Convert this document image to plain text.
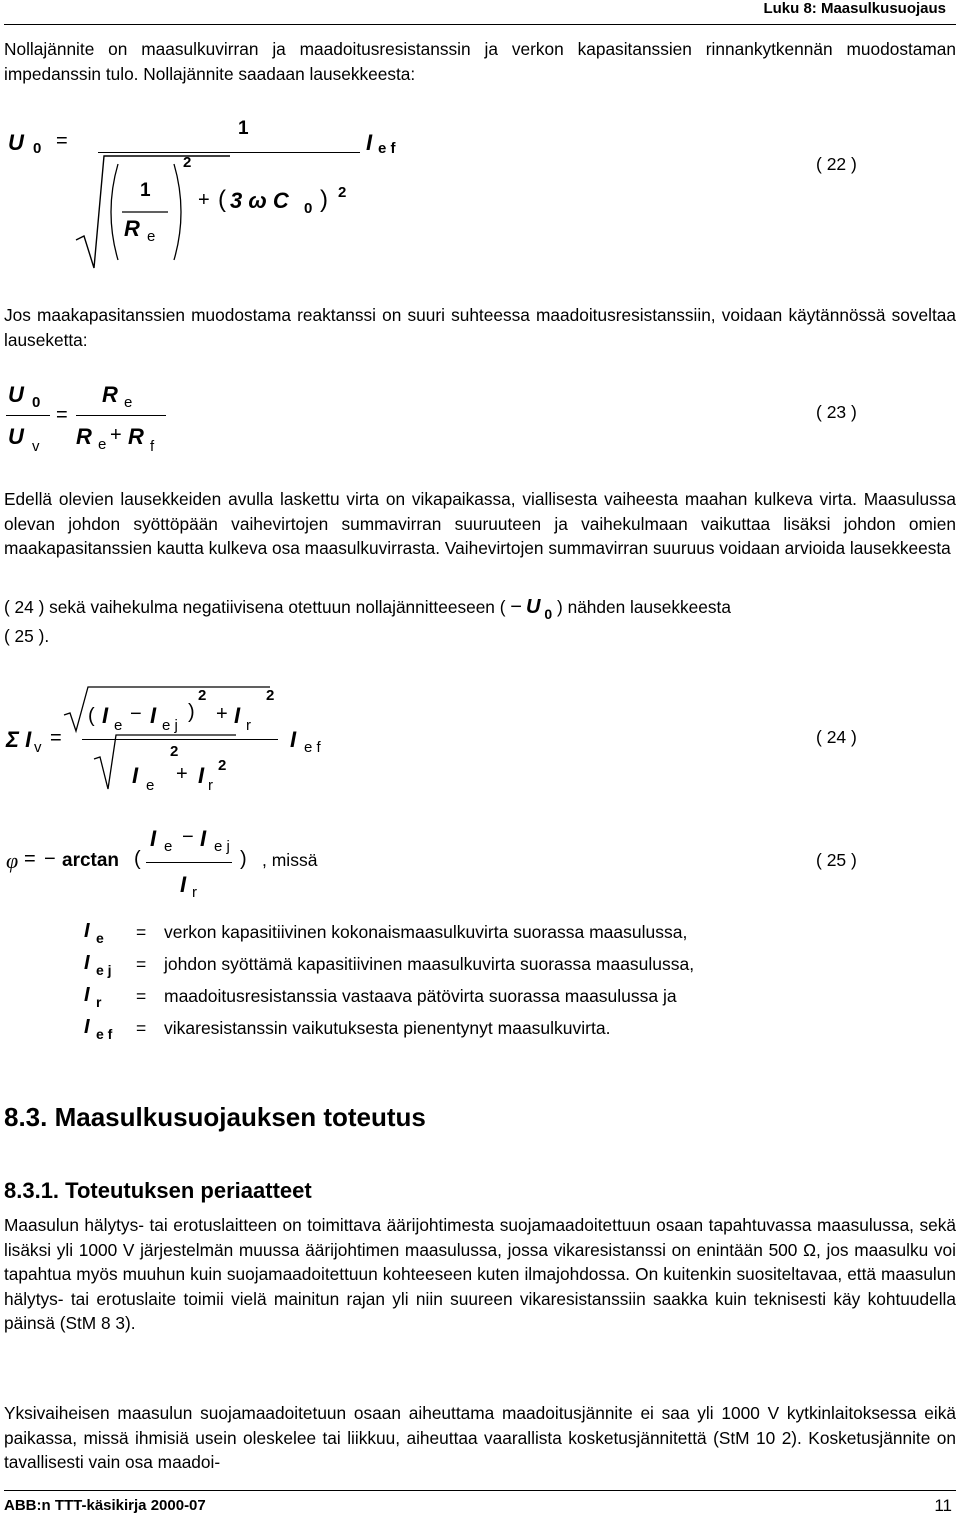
Luku 8: Maasulkusuojaus
Nollajännite on maasulkuvirran ja maadoitusresistanssin ja verkon kapasitanssien rinnankytkennän muodostaman impedanssin tulo. Nollajännite saadaan lausekkeesta:
U 0 =
1
I e f
2
1
R e
+ ( 3 ω C 0 ) 2
( 22 )
Jos maakapasitanssien muodostama reaktanssi on suuri suhteessa maadoitusresistanssiin, voidaan käytännössä soveltaa lauseketta:
U 0
U v
=
R e
R e + R f
( 23 )
Edellä olevien lausekkeiden avulla laskettu virta on vikapaikassa, viallisesta vaiheesta maahan kulkeva virta. Maasulussa olevan johdon syöttöpään vaihevirtojen summavirran suuruuteen ja vaihekulmaan vaikuttaa lisäksi johdon omien maakapasitanssien kautta kulkeva osa maasulkuvirrasta. Vaihevirtojen summavirran suuruus voidaan arvioida lausekkeesta
( 24 ) sekä vaihekulma negatiivisena otettuun nollajännitteeseen ( − U $_0$ ) nähden lausekkeesta
( 25 ).
( I e
− I e j
)
2
+ I r
2
Σ I v =	I e f
2
I e
+ I r
2
( 24 )
φ = − arctan (
I e − I e j
I r
) , missä	( 25 )
I e = verkon kapasitiivinen kokonaismaasulkuvirta suorassa maasulussa,
I e j = johdon syöttämä kapasitiivinen maasulkuvirta suorassa maasulussa,
I r = maadoitusresistanssia vastaava pätövirta suorassa maasulussa ja
I e f = vikaresistanssin vaikutuksesta pienentynyt maasulkuvirta.
8.3. Maasulkusuojauksen toteutus
8.3.1. Toteutuksen periaatteet
Maasulun hälytys- tai erotuslaitteen on toimittava äärijohtimesta suojamaadoitettuun osaan tapahtuvassa maasulussa, sekä lisäksi yli 1000 V järjestelmän muussa äärijohtimen maasulussa, jossa vikaresistanssi on enintään 500 Ω, jos maasulku voi tapahtua myös muuhun kuin suojamaadoitettuun kohteeseen kuten ilmajohdossa. On kuitenkin suositeltavaa, että maasulun hälytys- tai erotuslaite toimii vielä mainitun rajan yli niin suureen vikaresistanssiin saakka kuin teknisesti käy kohtuudella päinsä (StM 8 3).
Yksivaiheisen maasulun suojamaadoitetuun osaan aiheuttama maadoitusjännite ei saa yli 1000 V kytkinlaitoksessa eikä paikassa, missä ihmisiä usein oleskelee tai liikkuu, aiheuttaa vaarallista kosketusjännitettä (StM 10 2). Kosketusjännite on tavallisesti vain osa maadoi-
ABB:n TTT-käsikirja 2000-07	11
